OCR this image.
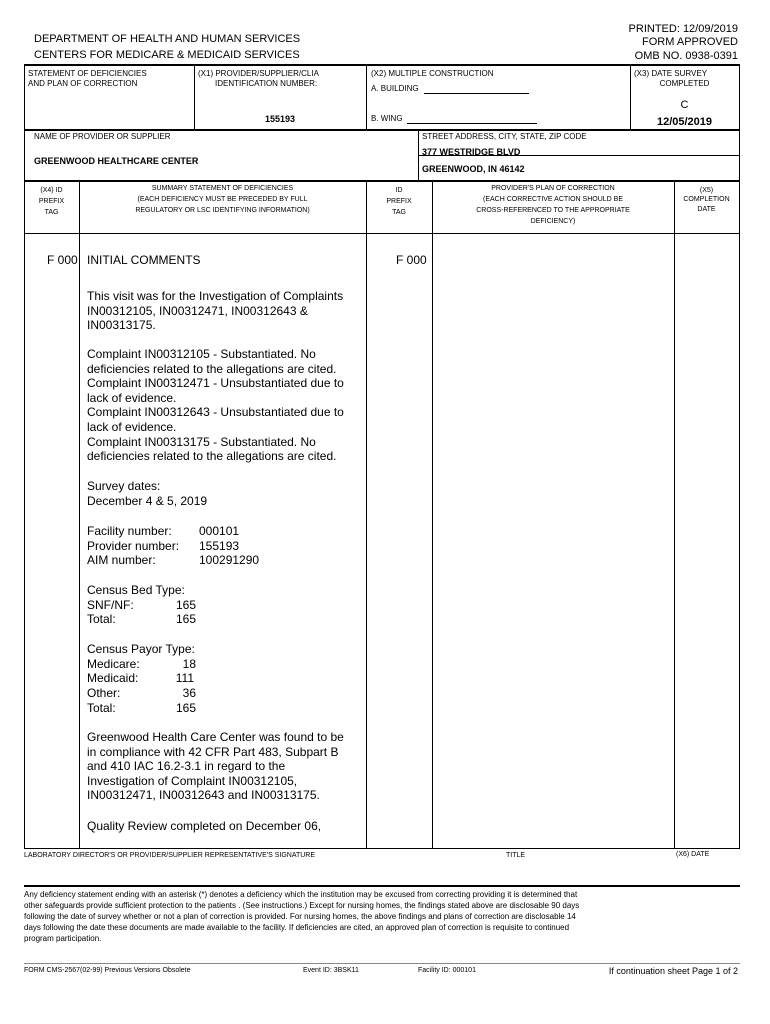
PRINTED: 12/09/2019
FORM APPROVED
OMB NO. 0938-0391
DEPARTMENT OF HEALTH AND HUMAN SERVICES
CENTERS FOR MEDICARE & MEDICAID SERVICES
STATEMENT OF DEFICIENCIES
AND PLAN OF CORRECTION
(X1) PROVIDER/SUPPLIER/CLIA
IDENTIFICATION NUMBER:
155193
(X2) MULTIPLE CONSTRUCTION
A. BUILDING
B. WING
(X3) DATE SURVEY
COMPLETED
C
12/05/2019
NAME OF PROVIDER OR SUPPLIER
GREENWOOD HEALTHCARE CENTER
STREET ADDRESS, CITY, STATE, ZIP CODE
377 WESTRIDGE BLVD
GREENWOOD, IN 46142
(X4) ID
PREFIX
TAG
SUMMARY STATEMENT OF DEFICIENCIES
(EACH DEFICIENCY MUST BE PRECEDED BY FULL
REGULATORY OR LSC IDENTIFYING INFORMATION)
ID
PREFIX
TAG
PROVIDER'S PLAN OF CORRECTION
(EACH CORRECTIVE ACTION SHOULD BE
CROSS-REFERENCED TO THE APPROPRIATE
DEFICIENCY)
(X5)
COMPLETION
DATE
F 000	F 000
INITIAL COMMENTS

This visit was for the Investigation of Complaints

IN00312105, IN00312471, IN00312643 &

IN00313175.

Complaint IN00312105 - Substantiated. No

deficiencies related to the allegations are cited.

Complaint IN00312471 - Unsubstantiated due to

lack of evidence.

Complaint IN00312643 - Unsubstantiated due to

lack of evidence.

Complaint IN00313175 - Substantiated. No

deficiencies related to the allegations are cited.

Survey dates:

December 4 & 5, 2019

Facility number: 000101
Provider number: 155193
AIM number:	100291290
Census Bed Type:
SNF/NF:	165
Total:	165
Census Payor Type:
Medicare:	18
Medicaid:	111
Other:	36
Total:	165

Greenwood Health Care Center was found to be

in compliance with 42 CFR Part 483, Subpart B

and 410 IAC 16.2-3.1 in regard to the

Investigation of Complaint IN00312105,

IN00312471, IN00312643 and IN00313175.

Quality Review completed on December 06,

LABORATORY DIRECTOR'S OR PROVIDER/SUPPLIER REPRESENTATIVE'S SIGNATURE	TITLE	(X6) DATE
Any deficiency statement ending with an asterisk (*) denotes a deficiency which the institution may be excused from correcting providing it is determined that
other safeguards provide sufficient protection to the patients . (See instructions.) Except for nursing homes, the findings stated above are disclosable 90 days
following the date of survey whether or not a plan of correction is provided. For nursing homes, the above findings and plans of correction are disclosable 14
days following the date these documents are made available to the facility. If deficiencies are cited, an approved plan of correction is requisite to continued
program participation.
FORM CMS-2567(02-99) Previous Versions Obsolete	Event ID: 3BSK11	Facility ID: 000101	If continuation sheet Page 1 of 2
